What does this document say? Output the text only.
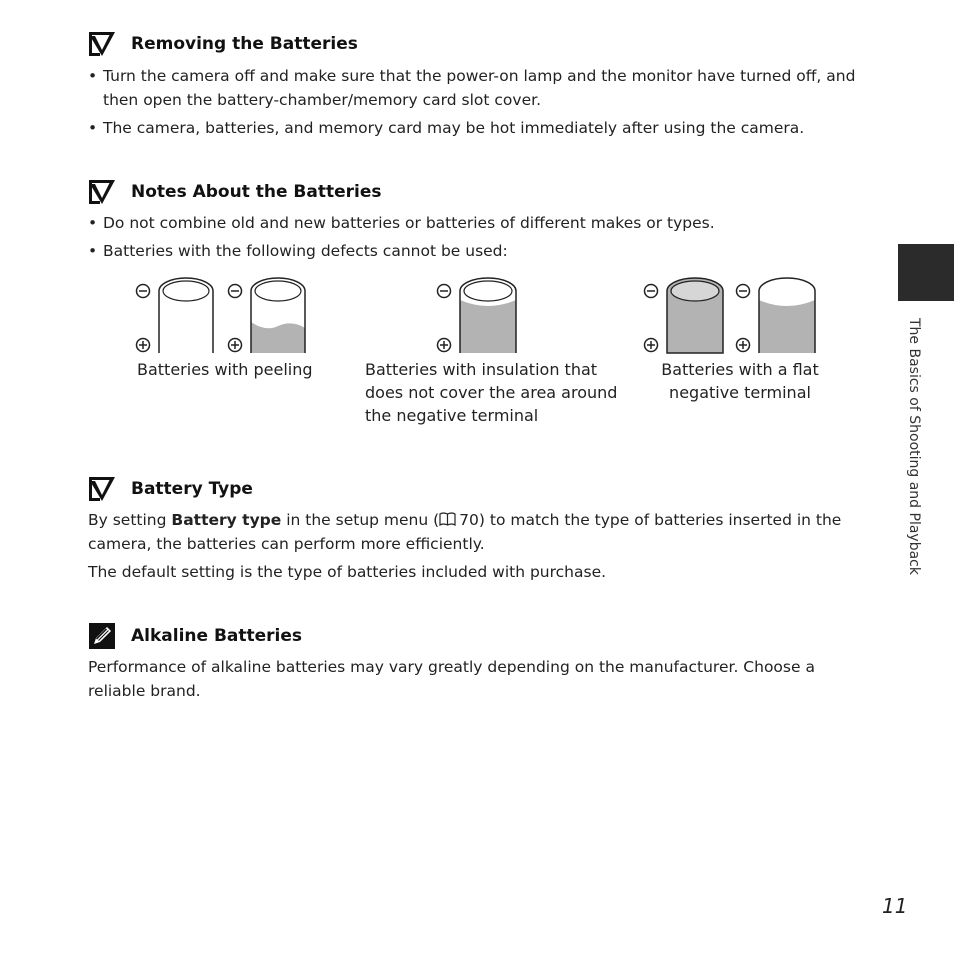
Removing the Batteries
• Turn the camera off and make sure that the power-on lamp and the monitor have turned off, and then open the battery-chamber/memory card slot cover.
• The camera, batteries, and memory card may be hot immediately after using the camera.
Notes About the Batteries
• Do not combine old and new batteries or batteries of different makes or types.
• Batteries with the following defects cannot be used:
Batteries with peeling	Batteries with insulation that
does not cover the area around
the negative terminal
Batteries with a flat
negative terminal
Battery Type

By setting Battery type in the setup menu ( 70) to match the type of batteries inserted in the camera, the batteries can perform more efficiently.

The default setting is the type of batteries included with purchase.

Alkaline Batteries

Performance of alkaline batteries may vary greatly depending on the manufacturer. Choose a reliable brand.

The Basics of Shooting and Playback
11
